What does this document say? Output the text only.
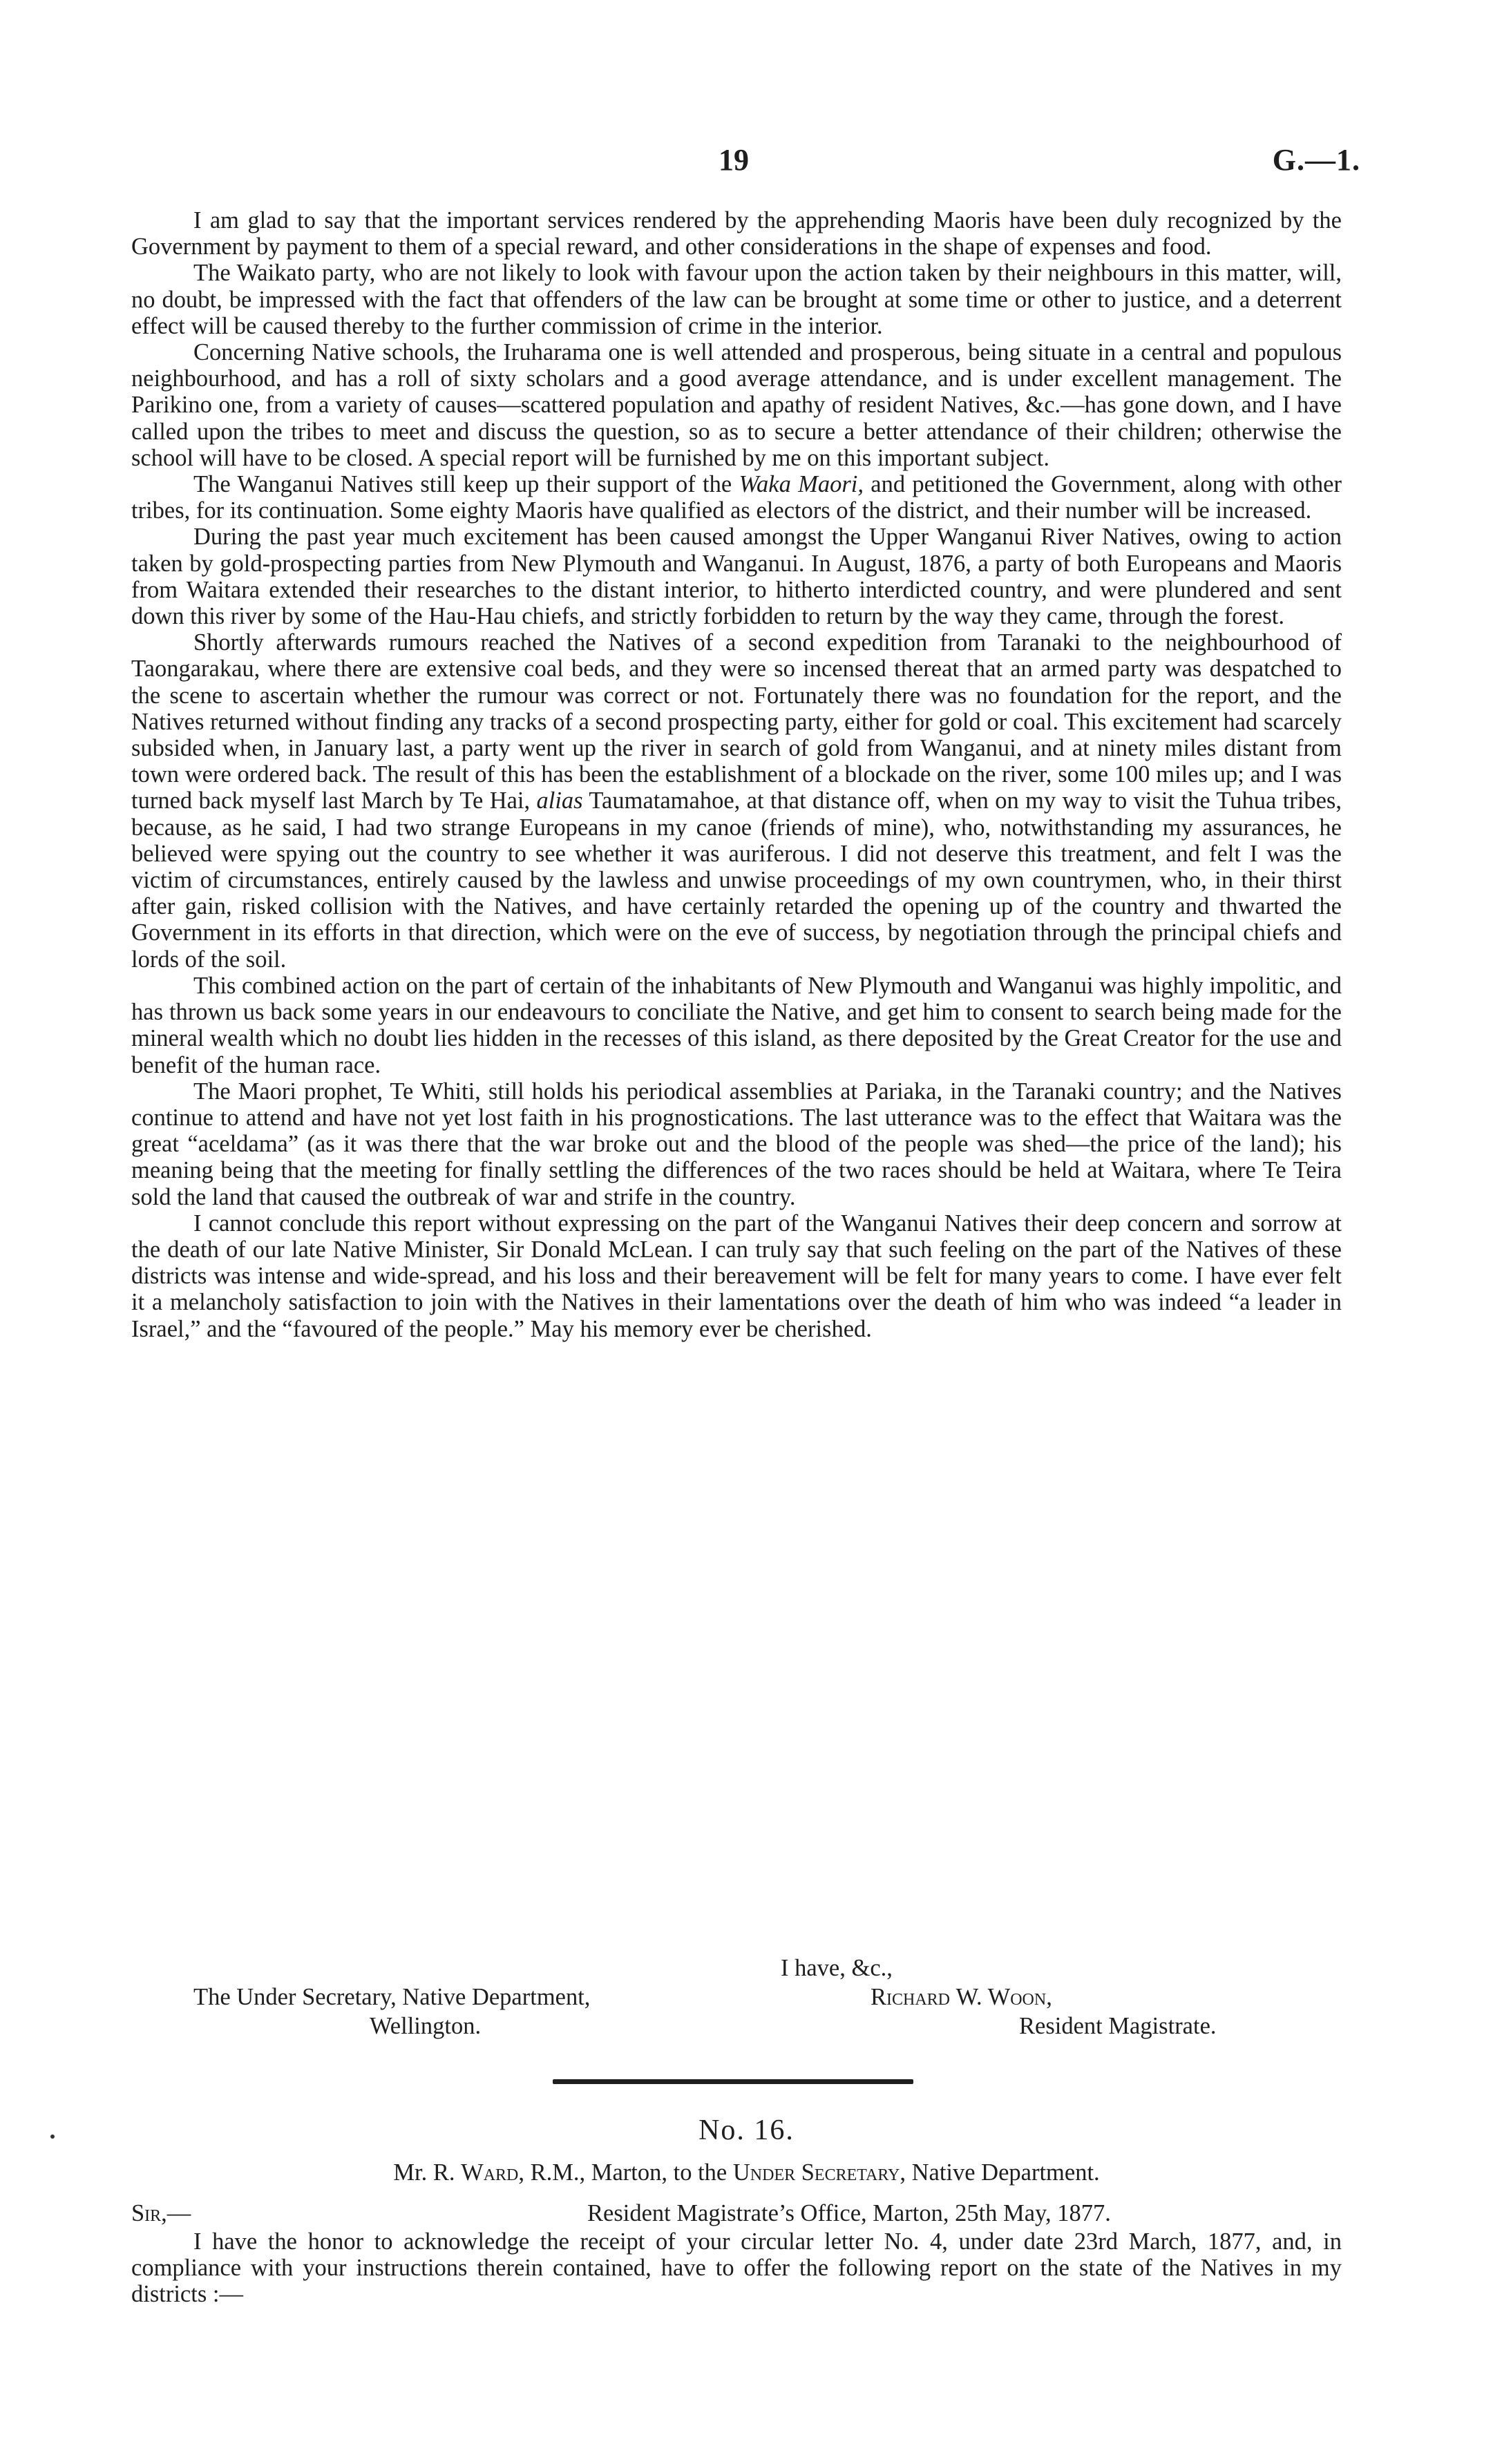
19	G.—1.

I am glad to say that the important services rendered by the apprehending Maoris have been duly recognized by the Government by payment to them of a special reward, and other considerations in the shape of expenses and food.

The Waikato party, who are not likely to look with favour upon the action taken by their neighbours in this matter, will, no doubt, be impressed with the fact that offenders of the law can be brought at some time or other to justice, and a deterrent effect will be caused thereby to the further commission of crime in the interior.

Concerning Native schools, the Iruharama one is well attended and prosperous, being situate in a central and populous neighbourhood, and has a roll of sixty scholars and a good average attendance, and is under excellent management. The Parikino one, from a variety of causes—scattered population and apathy of resident Natives, &c.—has gone down, and I have called upon the tribes to meet and discuss the question, so as to secure a better attendance of their children; otherwise the school will have to be closed. A special report will be furnished by me on this important subject.

The Wanganui Natives still keep up their support of the Waka Maori, and petitioned the Government, along with other tribes, for its continuation. Some eighty Maoris have qualified as electors of the district, and their number will be increased.

During the past year much excitement has been caused amongst the Upper Wanganui River Natives, owing to action taken by gold-prospecting parties from New Plymouth and Wanganui. In August, 1876, a party of both Europeans and Maoris from Waitara extended their researches to the distant interior, to hitherto interdicted country, and were plundered and sent down this river by some of the Hau-Hau chiefs, and strictly forbidden to return by the way they came, through the forest.

Shortly afterwards rumours reached the Natives of a second expedition from Taranaki to the neighbourhood of Taongarakau, where there are extensive coal beds, and they were so incensed thereat that an armed party was despatched to the scene to ascertain whether the rumour was correct or not. Fortunately there was no foundation for the report, and the Natives returned without finding any tracks of a second prospecting party, either for gold or coal. This excitement had scarcely subsided when, in January last, a party went up the river in search of gold from Wanganui, and at ninety miles distant from town were ordered back. The result of this has been the establishment of a blockade on the river, some 100 miles up; and I was turned back myself last March by Te Hai, alias Taumatamahoe, at that distance off, when on my way to visit the Tuhua tribes, because, as he said, I had two strange Europeans in my canoe (friends of mine), who, notwithstanding my assurances, he believed were spying out the country to see whether it was auriferous. I did not deserve this treatment, and felt I was the victim of circumstances, entirely caused by the lawless and unwise proceedings of my own countrymen, who, in their thirst after gain, risked collision with the Natives, and have certainly retarded the opening up of the country and thwarted the Government in its efforts in that direction, which were on the eve of success, by negotiation through the principal chiefs and lords of the soil.

This combined action on the part of certain of the inhabitants of New Plymouth and Wanganui was highly impolitic, and has thrown us back some years in our endeavours to conciliate the Native, and get him to consent to search being made for the mineral wealth which no doubt lies hidden in the recesses of this island, as there deposited by the Great Creator for the use and benefit of the human race.

The Maori prophet, Te Whiti, still holds his periodical assemblies at Pariaka, in the Taranaki country; and the Natives continue to attend and have not yet lost faith in his prognostications. The last utterance was to the effect that Waitara was the great “aceldama” (as it was there that the war broke out and the blood of the people was shed—the price of the land); his meaning being that the meeting for finally settling the differences of the two races should be held at Waitara, where Te Teira sold the land that caused the outbreak of war and strife in the country.

I cannot conclude this report without expressing on the part of the Wanganui Natives their deep concern and sorrow at the death of our late Native Minister, Sir Donald McLean. I can truly say that such feeling on the part of the Natives of these districts was intense and wide-spread, and his loss and their bereavement will be felt for many years to come. I have ever felt it a melancholy satisfaction to join with the Natives in their lamentations over the death of him who was indeed “a leader in Israel,” and the “favoured of the people.” May his memory ever be cherished.

I have, &c.,
The Under Secretary, Native Department,	Richard W. Woon,
Wellington.	Resident Magistrate.
No. 16.
Mr. R. Ward, R.M., Marton, to the Under Secretary, Native Department.
Sir,—	Resident Magistrate’s Office, Marton, 25th May, 1877.

I have the honor to acknowledge the receipt of your circular letter No. 4, under date 23rd March, 1877, and, in compliance with your instructions therein contained, have to offer the following report on the state of the Natives in my districts :—
